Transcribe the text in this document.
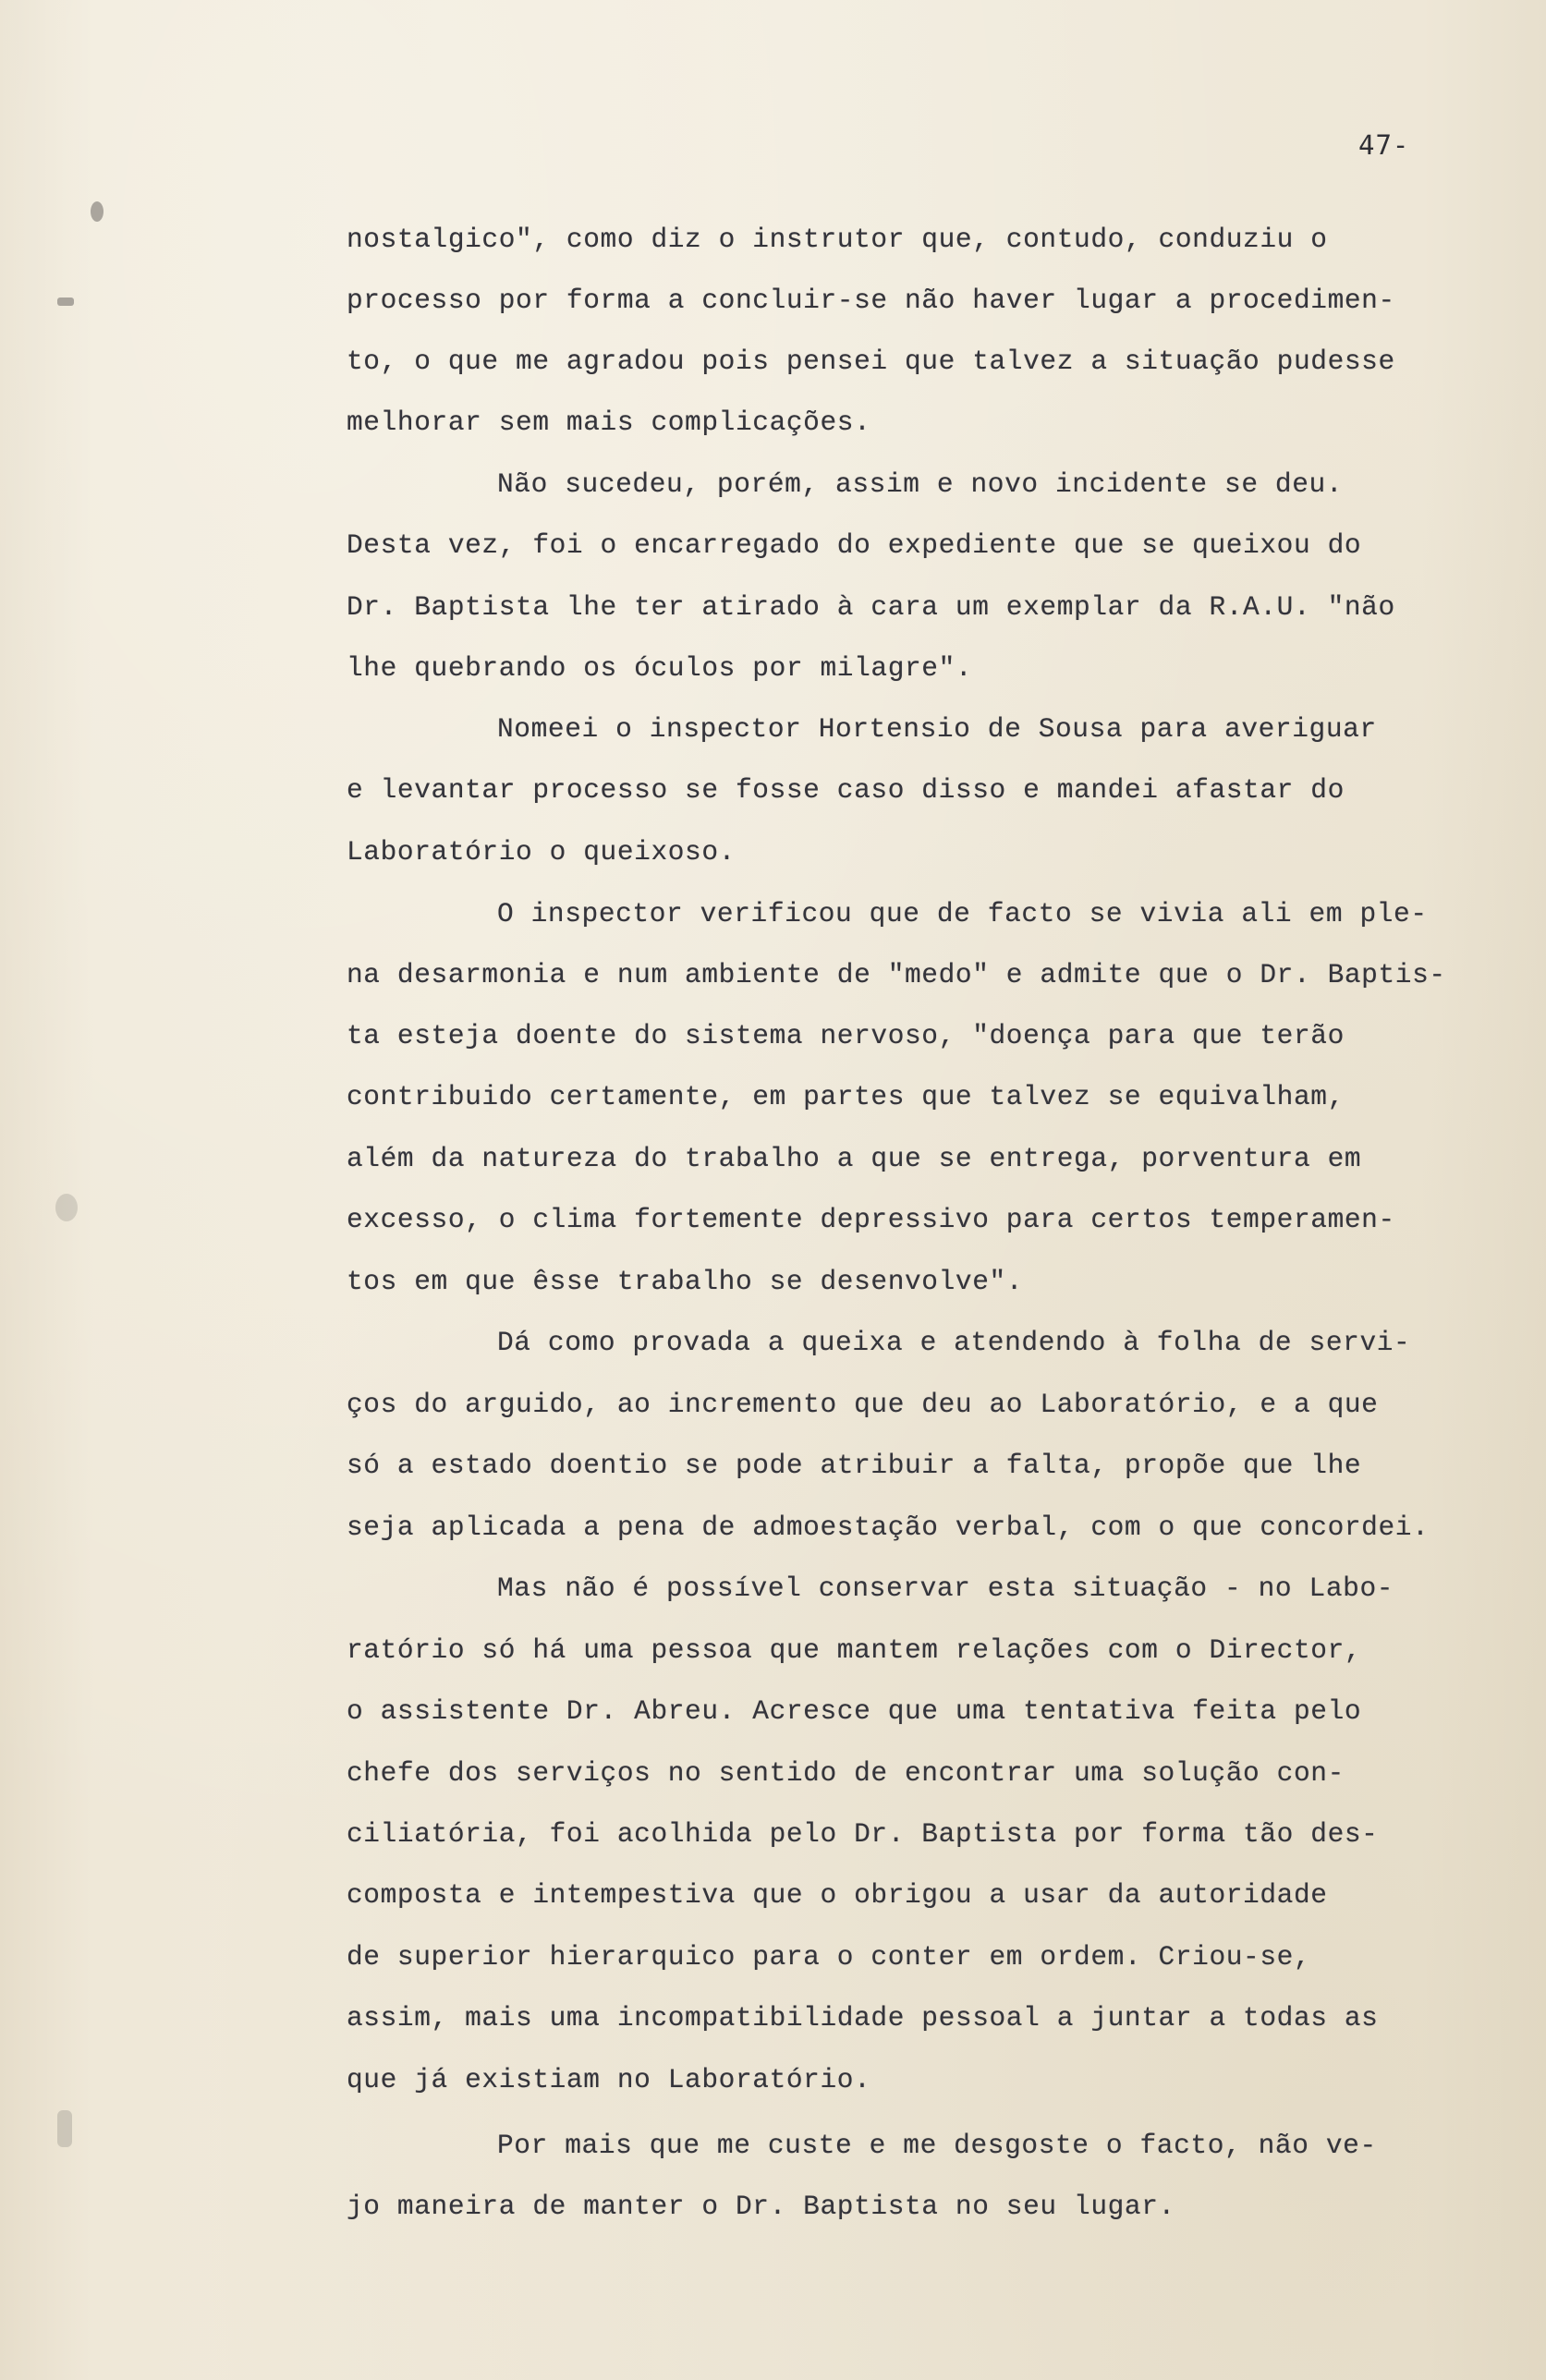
47-
nostalgico", como diz o instrutor que, contudo, conduziu o
processo por forma a concluir-se não haver lugar a procedimen-
to, o que me agradou pois pensei que talvez a situação pudesse
melhorar sem mais complicações.
Não sucedeu, porém, assim e novo incidente se deu.
Desta vez, foi o encarregado do expediente que se queixou do
Dr. Baptista lhe ter atirado à cara um exemplar da R.A.U. "não
lhe quebrando os óculos por milagre".
Nomeei o inspector Hortensio de Sousa para averiguar
e levantar processo se fosse caso disso e mandei afastar do
Laboratório o queixoso.
O inspector verificou que de facto se vivia ali em ple-
na desarmonia e num ambiente de "medo" e admite que o Dr. Baptis-
ta esteja doente do sistema nervoso, "doença para que terão
contribuido certamente, em partes que talvez se equivalham,
além da natureza do trabalho a que se entrega, porventura em
excesso, o clima fortemente depressivo para certos temperamen-
tos em que êsse trabalho se desenvolve".
Dá como provada a queixa e atendendo à folha de servi-
ços do arguido, ao incremento que deu ao Laboratório, e a que
só a estado doentio se pode atribuir a falta, propõe que lhe
seja aplicada a pena de admoestação verbal, com o que concordei.
Mas não é possível conservar esta situação - no Labo-
ratório só há uma pessoa que mantem relações com o Director,
o assistente Dr. Abreu. Acresce que uma tentativa feita pelo
chefe dos serviços no sentido de encontrar uma solução con-
ciliatória, foi acolhida pelo Dr. Baptista por forma tão des-
composta e intempestiva que o obrigou a usar da autoridade
de superior hierarquico para o conter em ordem. Criou-se,
assim, mais uma incompatibilidade pessoal a juntar a todas as
que já existiam no Laboratório.
Por mais que me custe e me desgoste o facto, não ve-
jo maneira de manter o Dr. Baptista no seu lugar.
